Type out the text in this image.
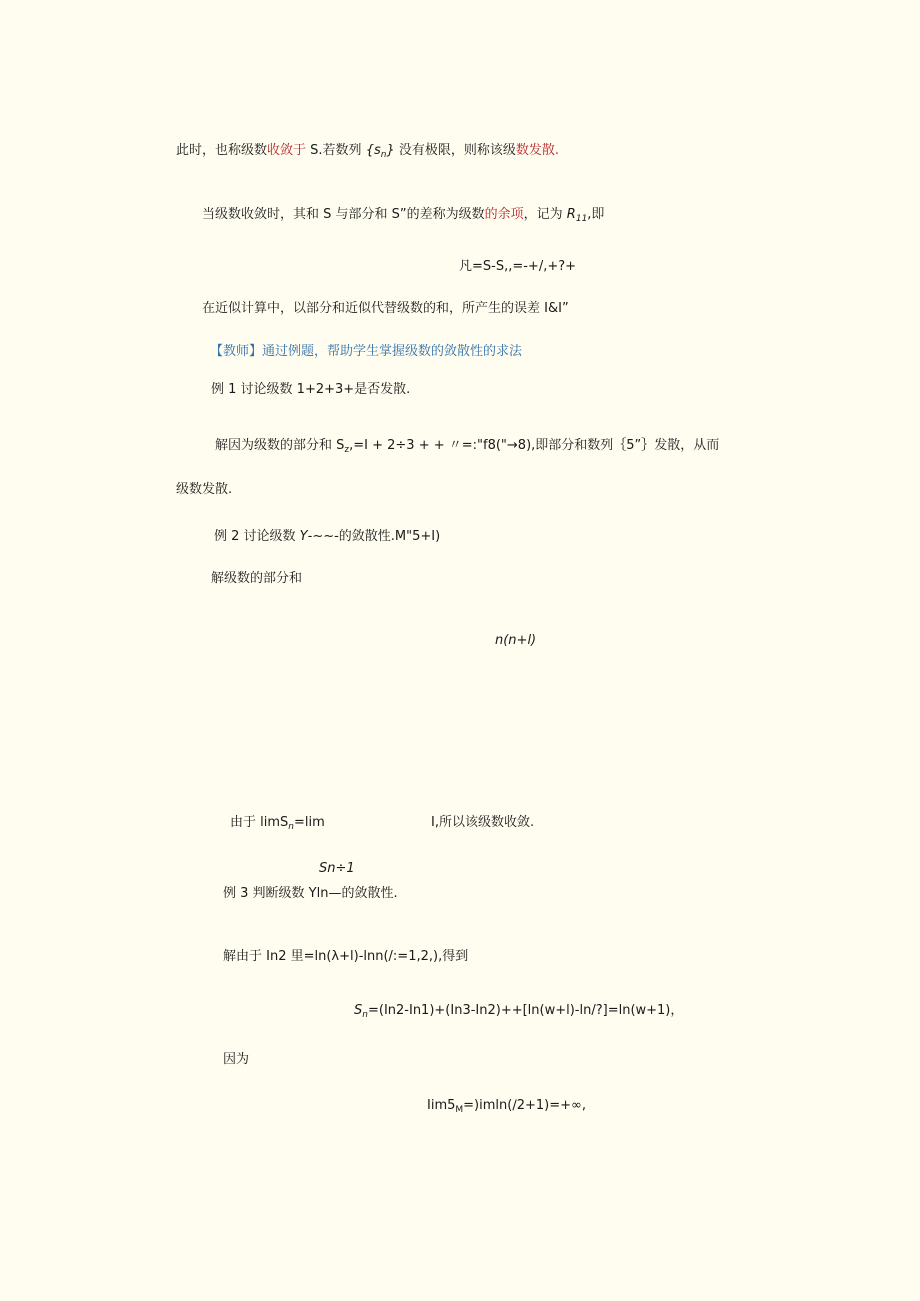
此时，也称级数收敛于 S.若数列 $\{s_n\}$ 没有极限，则称该级数发散.
当级数收敛时，其和 S 与部分和 S”的差称为级数的余项，记为 $R_{11}$,即
凡=S-S,,=-+/,+?+
在近似计算中，以部分和近似代替级数的和，所产生的误差 I&I”
【教师】通过例题，帮助学生掌握级数的敛散性的求法
例 1 讨论级数 1+2+3+是否发散.
解因为级数的部分和 $S_z,=I + 2\div 3$ + + 〃=:"f8("→8),即部分和数列｛5”｝发散，从而
级数发散.
例 2 讨论级数 Y-~~-的敛散性.M"5+I)
解级数的部分和
n(n+l)
由于 limS$_n$=lim	I,所以该级数收敛.
Sn÷1
例 3 判断级数 Yln—的敛散性.
解由于 In2 里=ln(λ+l)-lnn(/:=1,2,),得到
$S_n=(In2-In1)+(In3-In2)++[\ln(w+l)-\ln/?]=\ln(w+1)$，
因为
$Iim5_M=)imln(∕2+1)=+\infty$,
